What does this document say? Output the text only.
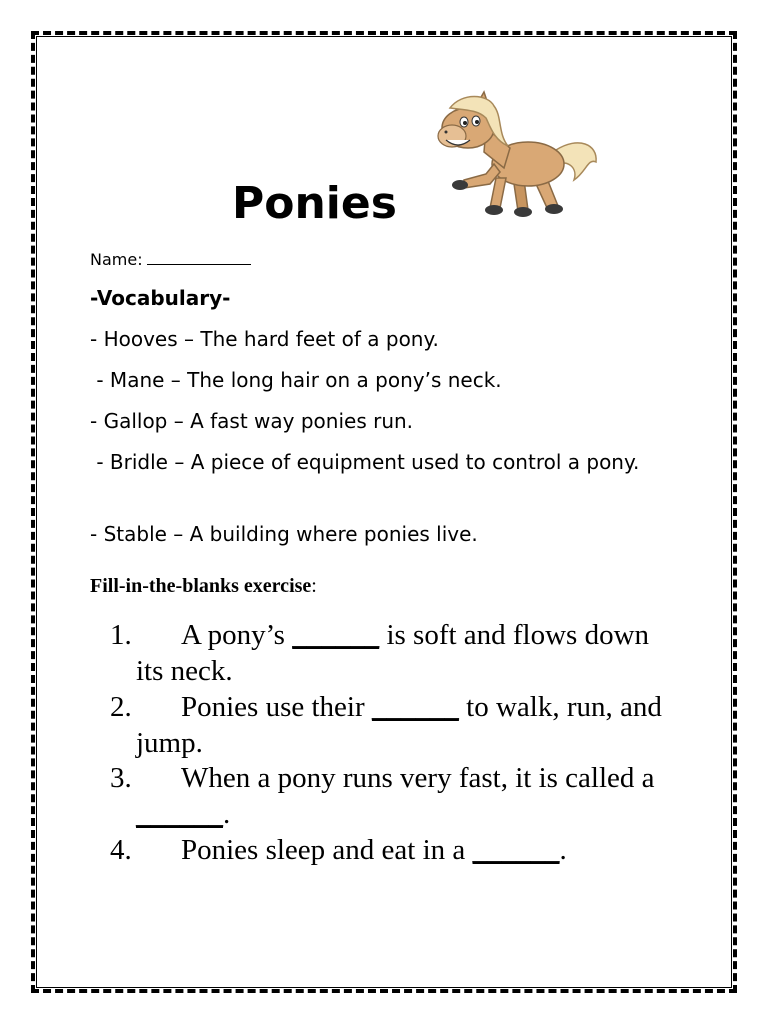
Ponies
Name:
-Vocabulary-

- Hooves – The hard feet of a pony.

- Mane – The long hair on a pony’s neck.

- Gallop – A fast way ponies run.

- Bridle – A piece of equipment used to control a pony.

- Stable – A building where ponies live.

Fill-in-the-blanks exercise:
1.	A pony’s ______ is soft and flows down its neck.
2.	Ponies use their ______ to walk, run, and jump.
3.	When a pony runs very fast, it is called a ______.
4.	Ponies sleep and eat in a ______.
